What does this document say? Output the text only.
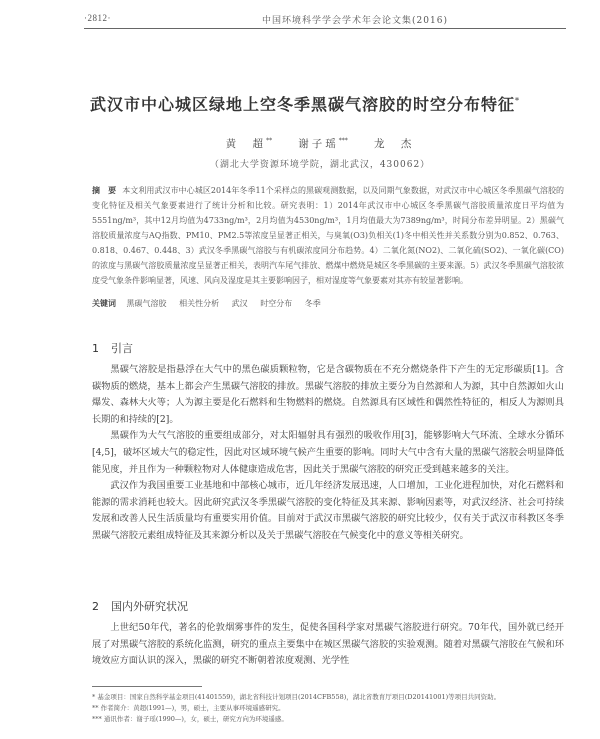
·2812·	中国环境科学学会学术年会论文集(2016)
武汉市中心城区绿地上空冬季黑碳气溶胶的时空分布特征*
黄　超**   谢子瑶***   龙　杰
（湖北大学资源环境学院，湖北武汉，430062）
摘　要 本文利用武汉市中心城区2014年冬季11个采样点的黑碳观测数据，以及同期气象数据，对武汉市中心城区冬季黑碳气溶胶的变化特征及相关气象要素进行了统计分析和比较。研究表明：1）2014年武汉市中心城区冬季黑碳气溶胶质量浓度日平均值为5551ng/m³，其中12月均值为4733ng/m³，2月均值为4530ng/m³，1月均值最大为7389ng/m³，时间分布差异明显。2）黑碳气溶胶质量浓度与AQ指数、PM10、PM2.5等浓度呈显著正相关，与臭氧(O3)负相关(1)冬中相关性并关系数分别为0.852、0.763、0.818、0.467、0.448、3）武汉冬季黑碳气溶胶与有机碳浓度同分布趋势。4）二氧化氮(NO2)、二氧化硫(SO2)、一氧化碳(CO)的浓度与黑碳气溶胶质量浓度呈显著正相关，表明汽车尾气排放、燃煤中燃烧是城区冬季黑碳的主要来源。5）武汉冬季黑碳气溶胶浓度受气象条件影响显著，风速、风向及湿度是其主要影响因子，相对湿度等气象要素对其亦有较显著影响。
关键词 黑碳气溶胶 相关性分析 武汉 时空分布 冬季
1 引言

黑碳气溶胶是指悬浮在大气中的黑色碳质颗粒物，它是含碳物质在不充分燃烧条件下产生的无定形碳质[1]。含碳物质的燃烧，基本上都会产生黑碳气溶胶的排放。黑碳气溶胶的排放主要分为自然源和人为源，其中自然源如火山爆发、森林大火等；人为源主要是化石燃料和生物燃料的燃烧。自然源具有区域性和偶然性特征的，相反人为源则具长期的和持续的[2]。

黑碳作为大气气溶胶的重要组成部分，对太阳辐射具有强烈的吸收作用[3]，能够影响大气环流、全球水分循环[4,5]，破坏区域大气的稳定性，因此对区域环境气候产生重要的影响。同时大气中含有大量的黑碳气溶胶会明显降低能见度，并且作为一种颗粒物对人体健康造成危害，因此关于黑碳气溶胶的研究正受到越来越多的关注。

武汉作为我国重要工业基地和中部核心城市，近几年经济发展迅速，人口增加，工业化进程加快，对化石燃料和能源的需求消耗也较大。因此研究武汉冬季黑碳气溶胶的变化特征及其来源、影响因素等，对武汉经济、社会可持续发展和改善人民生活质量均有重要实用价值。目前对于武汉市黑碳气溶胶的研究比较少，仅有关于武汉市科教区冬季黑碳气溶胶元素组成特征及其来源分析以及关于黑碳气溶胶在气候变化中的意义等相关研究。

2 国内外研究状况

上世纪50年代，著名的伦敦烟雾事件的发生，促使各国科学家对黑碳气溶胶进行研究。70年代，国外就已经开展了对黑碳气溶胶的系统化监测，研究的重点主要集中在城区黑碳气溶胶的实验观测。随着对黑碳气溶胶在气候和环境效应方面认识的深入，黑碳的研究不断朝着浓度观测、光学性

* 基金项目：国家自然科学基金项目(41401559)，湖北省科技计划项目(2014CFB558)，湖北省教育厅项目(D20141001)等项目共同资助。
** 作者简介：黄超(1991—)，男，硕士，主要从事环境遥感研究。
*** 通讯作者：谢子瑶(1990—)，女，硕士，研究方向为环境遥感。
